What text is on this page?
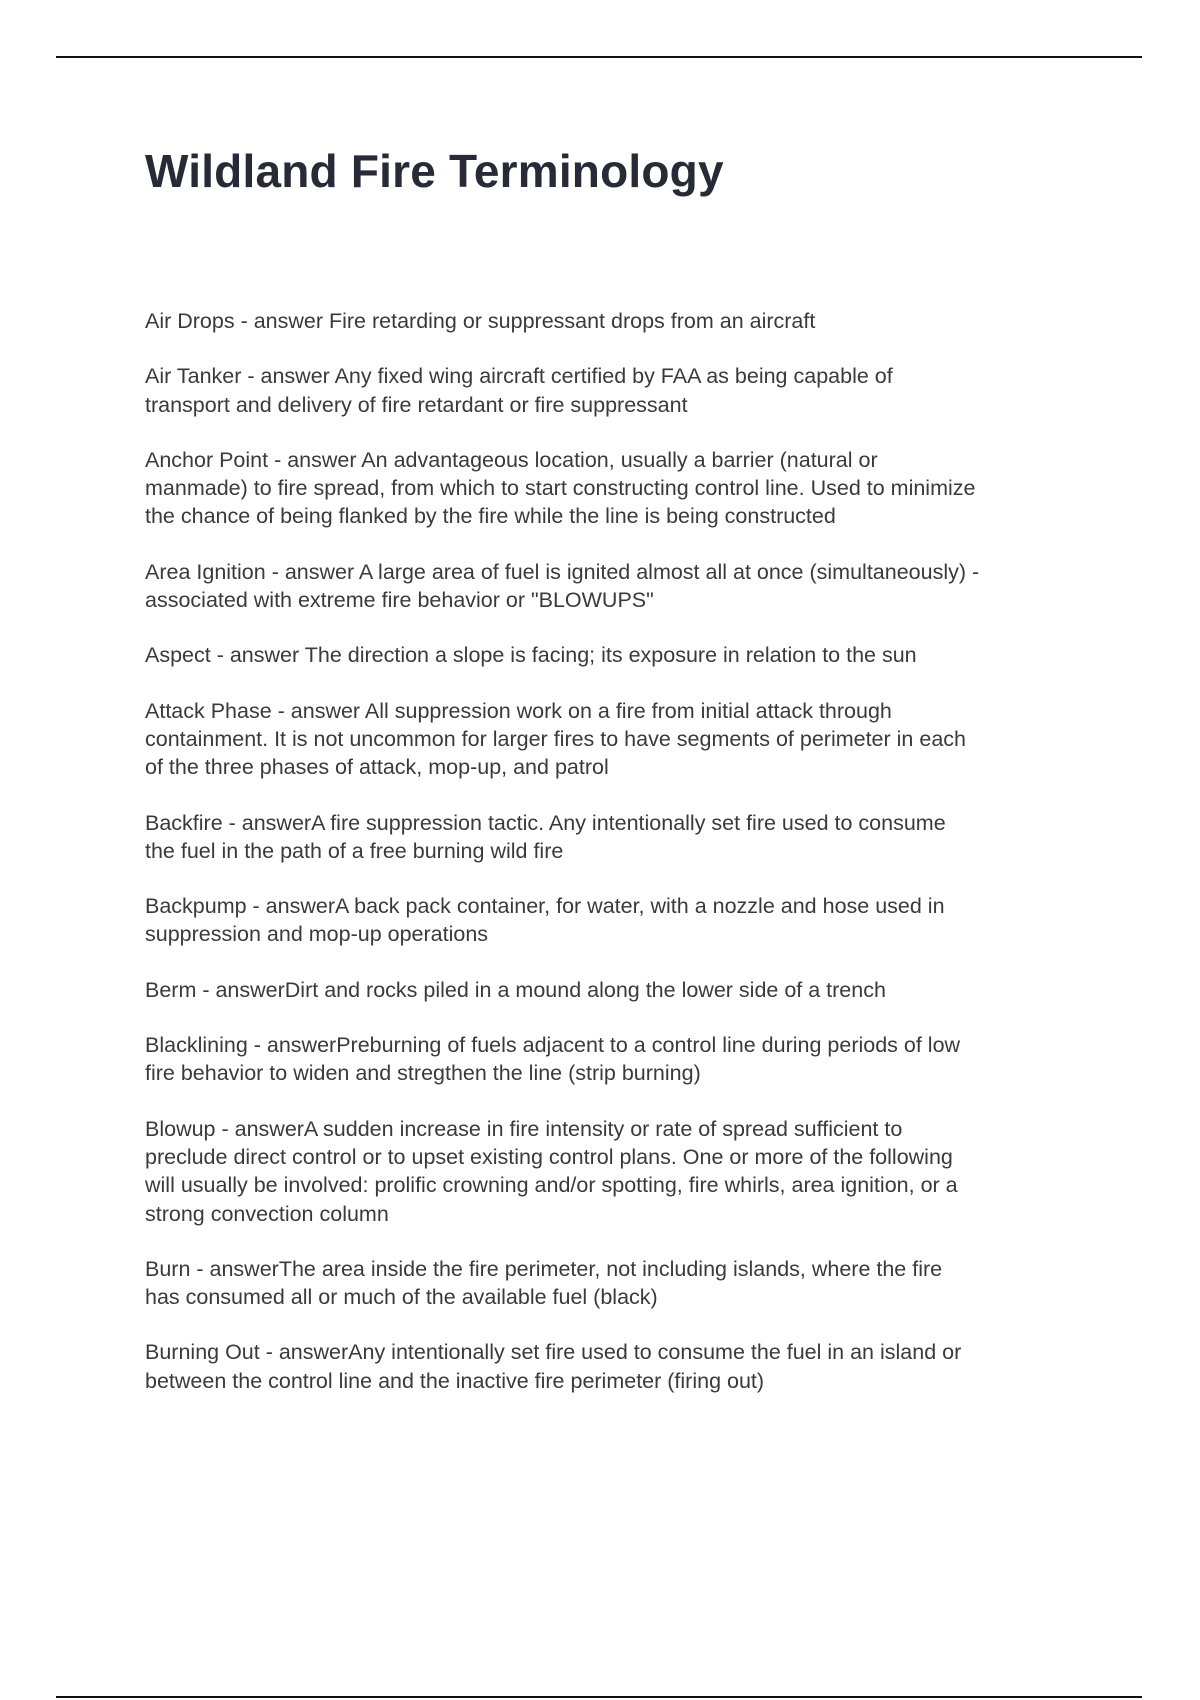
Wildland Fire Terminology

Air Drops - answer Fire retarding or suppressant drops from an aircraft

Air Tanker - answer Any fixed wing aircraft certified by FAA as being capable of
transport and delivery of fire retardant or fire suppressant

Anchor Point - answer An advantageous location, usually a barrier (natural or
manmade) to fire spread, from which to start constructing control line. Used to minimize
the chance of being flanked by the fire while the line is being constructed

Area Ignition - answer A large area of fuel is ignited almost all at once (simultaneously) -
associated with extreme fire behavior or "BLOWUPS"

Aspect - answer The direction a slope is facing; its exposure in relation to the sun

Attack Phase - answer All suppression work on a fire from initial attack through
containment. It is not uncommon for larger fires to have segments of perimeter in each
of the three phases of attack, mop-up, and patrol

Backfire - answerA fire suppression tactic. Any intentionally set fire used to consume
the fuel in the path of a free burning wild fire

Backpump - answerA back pack container, for water, with a nozzle and hose used in
suppression and mop-up operations

Berm - answerDirt and rocks piled in a mound along the lower side of a trench

Blacklining - answerPreburning of fuels adjacent to a control line during periods of low
fire behavior to widen and stregthen the line (strip burning)

Blowup - answerA sudden increase in fire intensity or rate of spread sufficient to
preclude direct control or to upset existing control plans. One or more of the following
will usually be involved: prolific crowning and/or spotting, fire whirls, area ignition, or a
strong convection column

Burn - answerThe area inside the fire perimeter, not including islands, where the fire
has consumed all or much of the available fuel (black)

Burning Out - answerAny intentionally set fire used to consume the fuel in an island or
between the control line and the inactive fire perimeter (firing out)
